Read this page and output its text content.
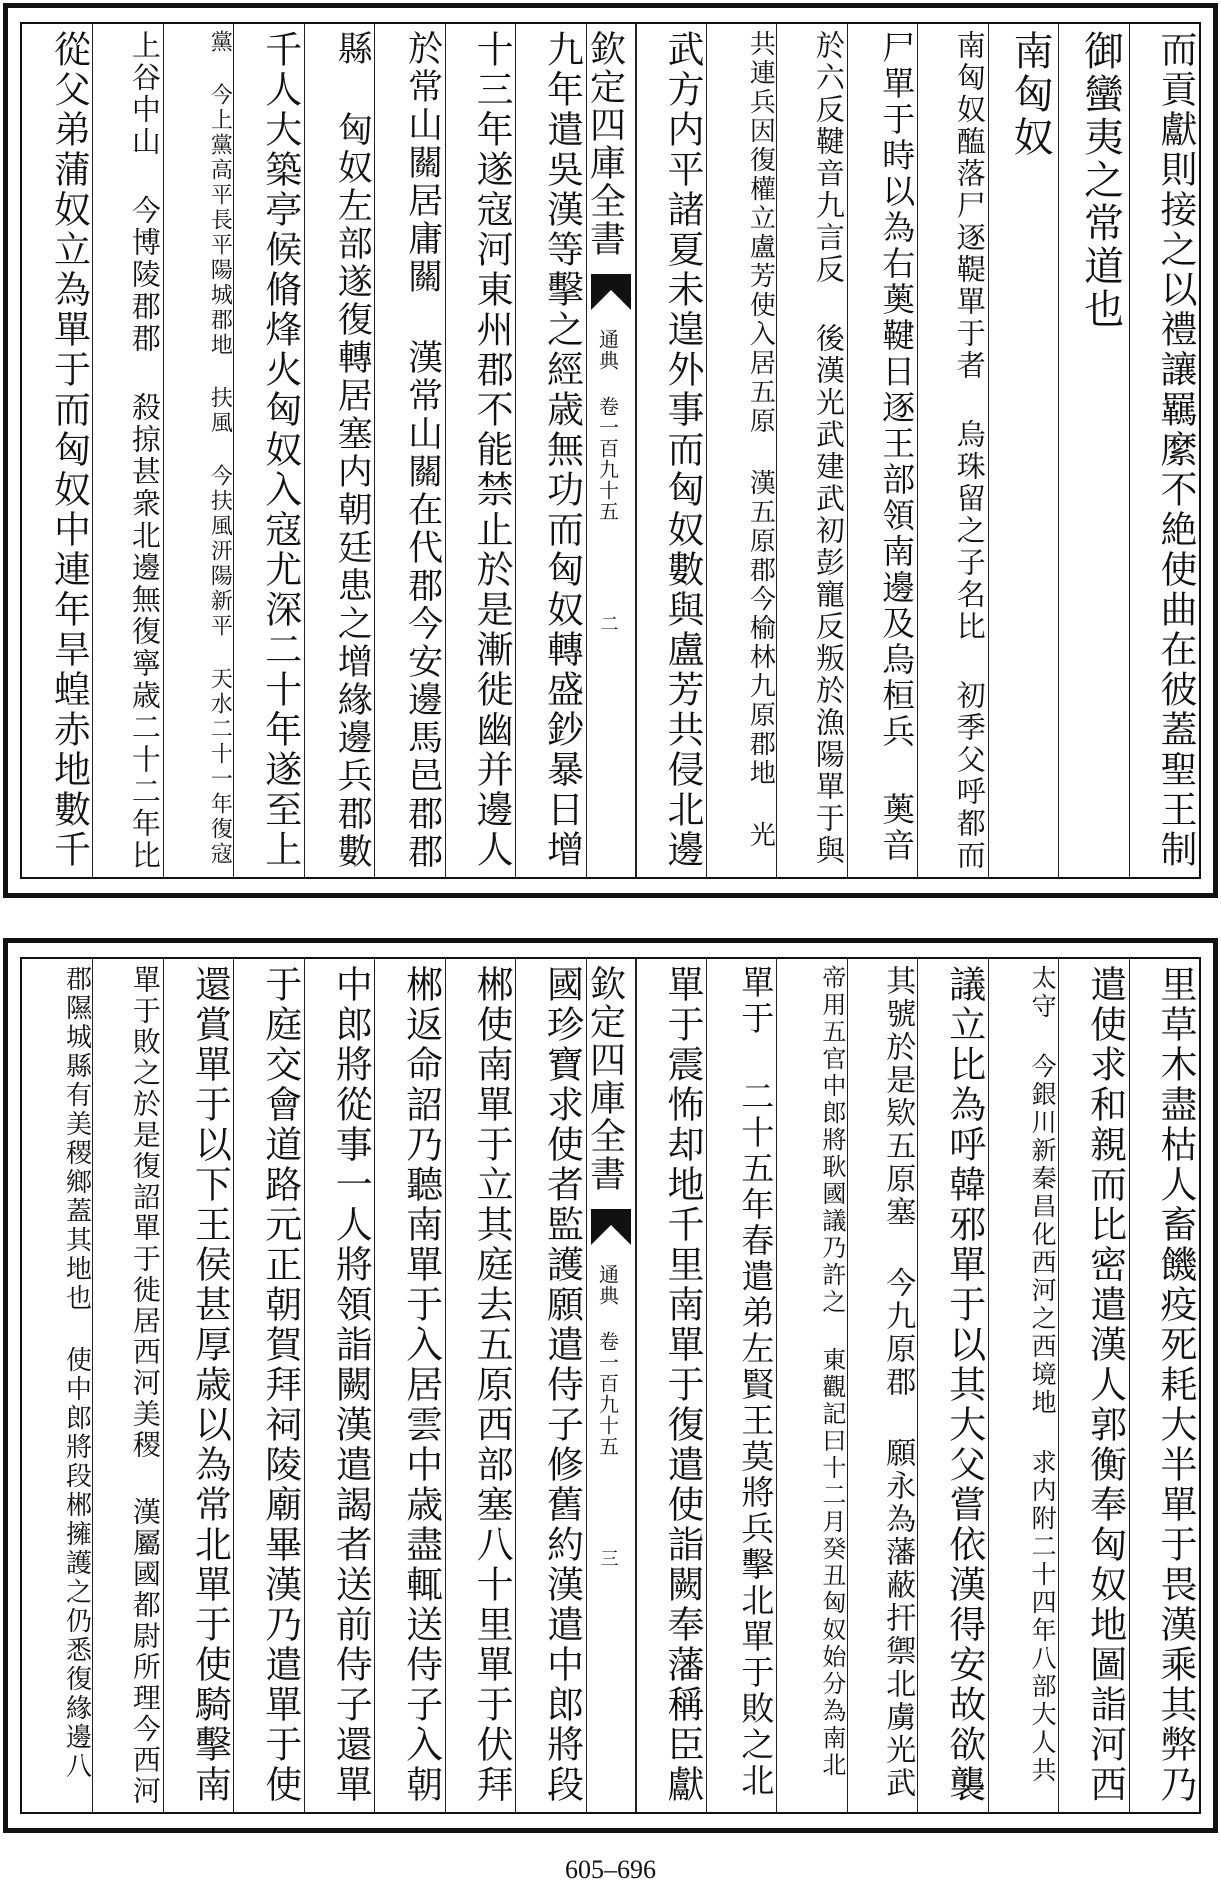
而貢獻則接之以禮讓羈縻不絶使曲在彼蓋聖王制
御蠻夷之常道也
南匈奴
南匈奴醢落尸逐鞮單于者 烏珠留之子名比 初季父呼都而
尸單于時以為右薁鞬日逐王部領南邊及烏桓兵 薁音
於六反鞬音九言反 後漢光武建武初彭寵反叛於漁陽單于與
共連兵因復權立盧芳使入居五原 漢五原郡今榆林九原郡地 光
武方内平諸夏未遑外事而匈奴數與盧芳共侵北邊
欽定四庫全書
通典 卷一百九十五
二
九年遣吳漢等擊之經歳無功而匈奴轉盛鈔暴日增
十三年遂寇河東州郡不能禁止於是漸徙幽并邊人
於常山關居庸關 漢常山關在代郡今安邊馬邑郡郡
縣 匈奴左部遂復轉居塞内朝廷患之增緣邊兵郡數
千人大築亭候脩烽火匈奴入寇尤深二十年遂至上
黨 今上黨高平長平陽城郡地 扶風 今扶風汧陽新平 天水二十一年復寇
上谷中山 今博陵郡郡 殺掠甚衆北邊無復寧歳二十二年比
從父弟蒲奴立為單于而匈奴中連年旱蝗赤地數千
里草木盡枯人畜饑疫死耗大半單于畏漢乘其弊乃
遣使求和親而比密遣漢人郭衡奉匈奴地圖詣河西
太守 今銀川新秦昌化西河之西境地 求内附二十四年八部大人共
議立比為呼韓邪單于以其大父嘗依漢得安故欲襲
其號於是欵五原塞 今九原郡 願永為藩蔽扞禦北虜光武
帝用五官中郎將耿國議乃許之 東觀記曰十二月癸丑匈奴始分為南北
單于 二十五年春遣弟左賢王莫將兵擊北單于敗之北
單于震怖却地千里南單于復遣使詣闕奉藩稱臣獻
欽定四庫全書
通典 卷一百九十五
三
國珍寶求使者監護願遣侍子修舊約漢遣中郎將段
郴使南單于立其庭去五原西部塞八十里單于伏拜
郴返命詔乃聽南單于入居雲中歳盡輒送侍子入朝
中郎將從事一人將領詣闕漢遣謁者送前侍子還單
于庭交會道路元正朝賀拜祠陵廟畢漢乃遣單于使
還賞單于以下王侯甚厚歳以為常北單于使騎擊南
單于敗之於是復詔單于徙居西河美稷 漢屬國都尉所理今西河
郡隰城縣有美稷鄉蓋其地也 使中郎將段郴擁護之仍悉復緣邊八
605–696
